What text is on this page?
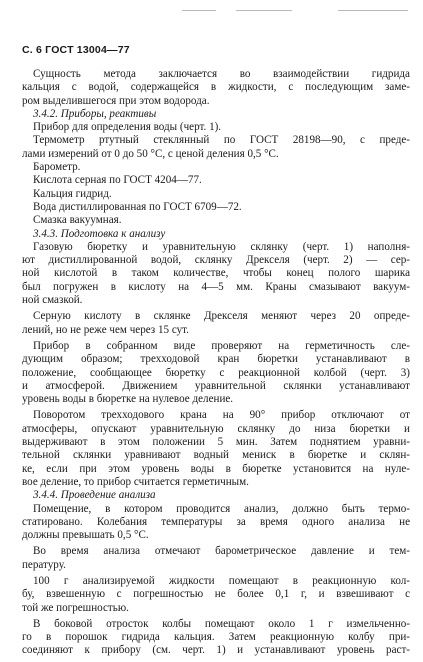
С. 6 ГОСТ 13004—77
Сущность метода заключается во взаимодействии гидрида
кальция с водой, содержащейся в жидкости, с последующим заме-
ром выделившегося при этом водорода.
3.4.2. Приборы, реактивы
Прибор для определения воды (черт. 1).
Термометр ртутный стеклянный по ГОСТ 28198—90, с преде-
лами измерений от 0 до 50 °С, с ценой деления 0,5 °С.
Барометр.
Кислота серная по ГОСТ 4204—77.
Кальция гидрид.
Вода дистиллированная по ГОСТ 6709—72.
Смазка вакуумная.
3.4.3. Подготовка к анализу
Газовую бюретку и уравнительную склянку (черт. 1) наполня-
ют дистиллированной водой, склянку Дрекселя (черт. 2) — сер-
ной кислотой в таком количестве, чтобы конец полого шарика
был погружен в кислоту на 4—5 мм. Краны смазывают вакуум-
ной смазкой.
Серную кислоту в склянке Дрекселя меняют через 20 опреде-
лений, но не реже чем через 15 сут.
Прибор в собранном виде проверяют на герметичность сле-
дующим образом; трехходовой кран бюретки устанавливают в
положение, сообщающее бюретку с реакционной колбой (черт. 3)
и атмосферой. Движением уравнительной склянки устанавливают
уровень воды в бюретке на нулевое деление.
Поворотом трехходового крана на 90° прибор отключают от
атмосферы, опускают уравнительную склянку до низа бюретки и
выдерживают в этом положении 5 мин. Затем поднятием уравни-
тельной склянки уравнивают водный мениск в бюретке и склян-
ке, если при этом уровень воды в бюретке установится на нуле-
вое деление, то прибор считается герметичным.
3.4.4. Проведение анализа
Помещение, в котором проводится анализ, должно быть термо-
статировано. Колебания температуры за время одного анализа не
должны превышать 0,5 °С.
Во время анализа отмечают барометрическое давление и тем-
пературу.
100 г анализируемой жидкости помещают в реакционную кол-
бу, взвешенную с погрешностью не более 0,1 г, и взвешивают с
той же погрешностью.
В боковой отросток колбы помещают около 1 г измельченно-
го в порошок гидрида кальция. Затем реакционную колбу при-
соединяют к прибору (см. черт. 1) и устанавливают уровень раст-
